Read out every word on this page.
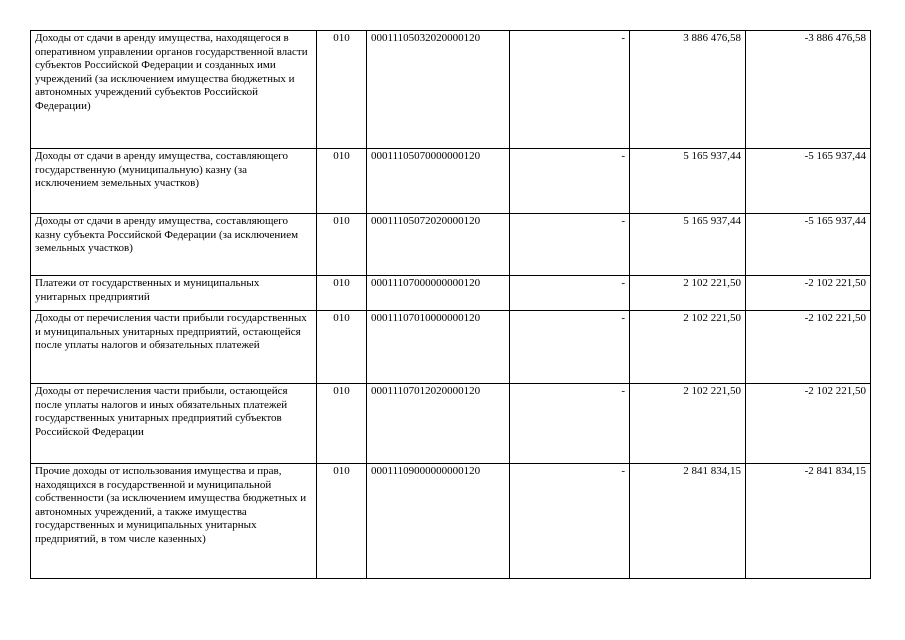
Доходы от сдачи в аренду имущества, находящегося в оперативном управлении органов государственной власти субъектов Российской Федерации и созданных ими учреждений (за исключением имущества бюджетных и автономных учреждений субъектов Российской Федерации)	010	00011105032020000120	-	3 886 476,58	-3 886 476,58
Доходы от сдачи в аренду имущества, составляющего государственную (муниципальную) казну (за исключением земельных участков)	010	00011105070000000120	-	5 165 937,44	-5 165 937,44
Доходы от сдачи в аренду имущества, составляющего казну субъекта Российской Федерации (за исключением земельных участков)	010	00011105072020000120	-	5 165 937,44	-5 165 937,44
Платежи от государственных и муниципальных унитарных предприятий	010	00011107000000000120	-	2 102 221,50	-2 102 221,50
Доходы от перечисления части прибыли государственных и муниципальных унитарных предприятий, остающейся после уплаты налогов и обязательных платежей	010	00011107010000000120	-	2 102 221,50	-2 102 221,50
Доходы от перечисления части прибыли, остающейся после уплаты налогов и иных обязательных платежей государственных унитарных предприятий субъектов Российской Федерации	010	00011107012020000120	-	2 102 221,50	-2 102 221,50
Прочие доходы от использования имущества и прав, находящихся в государственной и муниципальной собственности (за исключением имущества бюджетных и автономных учреждений, а также имущества государственных и муниципальных унитарных предприятий, в том числе казенных)	010	00011109000000000120	-	2 841 834,15	-2 841 834,15
